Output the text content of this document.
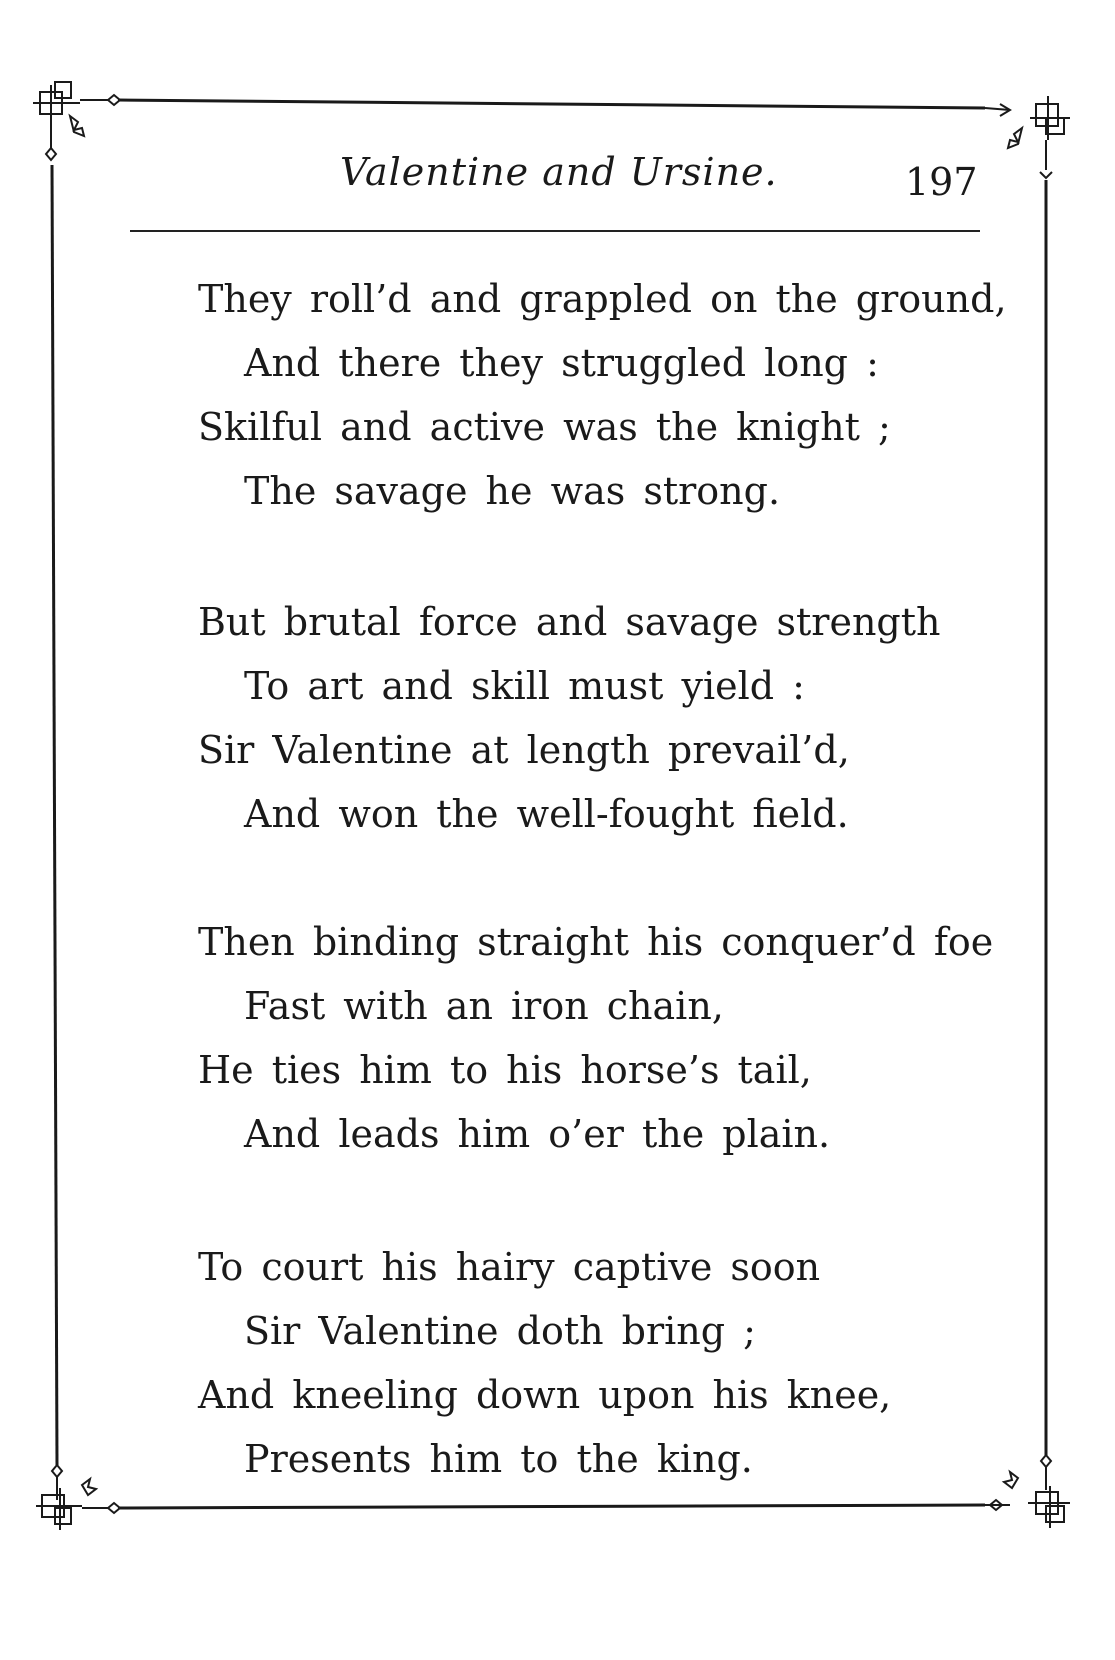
Valentine and Ursine.	197
They roll’d and grappled on the ground,
And there they struggled long :
Skilful and active was the knight ;
The savage he was strong.
But brutal force and savage strength
To art and skill must yield :
Sir Valentine at length prevail’d,
And won the well-fought field.
Then binding straight his conquer’d foe
Fast with an iron chain,
He ties him to his horse’s tail,
And leads him o’er the plain.
To court his hairy captive soon
Sir Valentine doth bring ;
And kneeling down upon his knee,
Presents him to the king.
